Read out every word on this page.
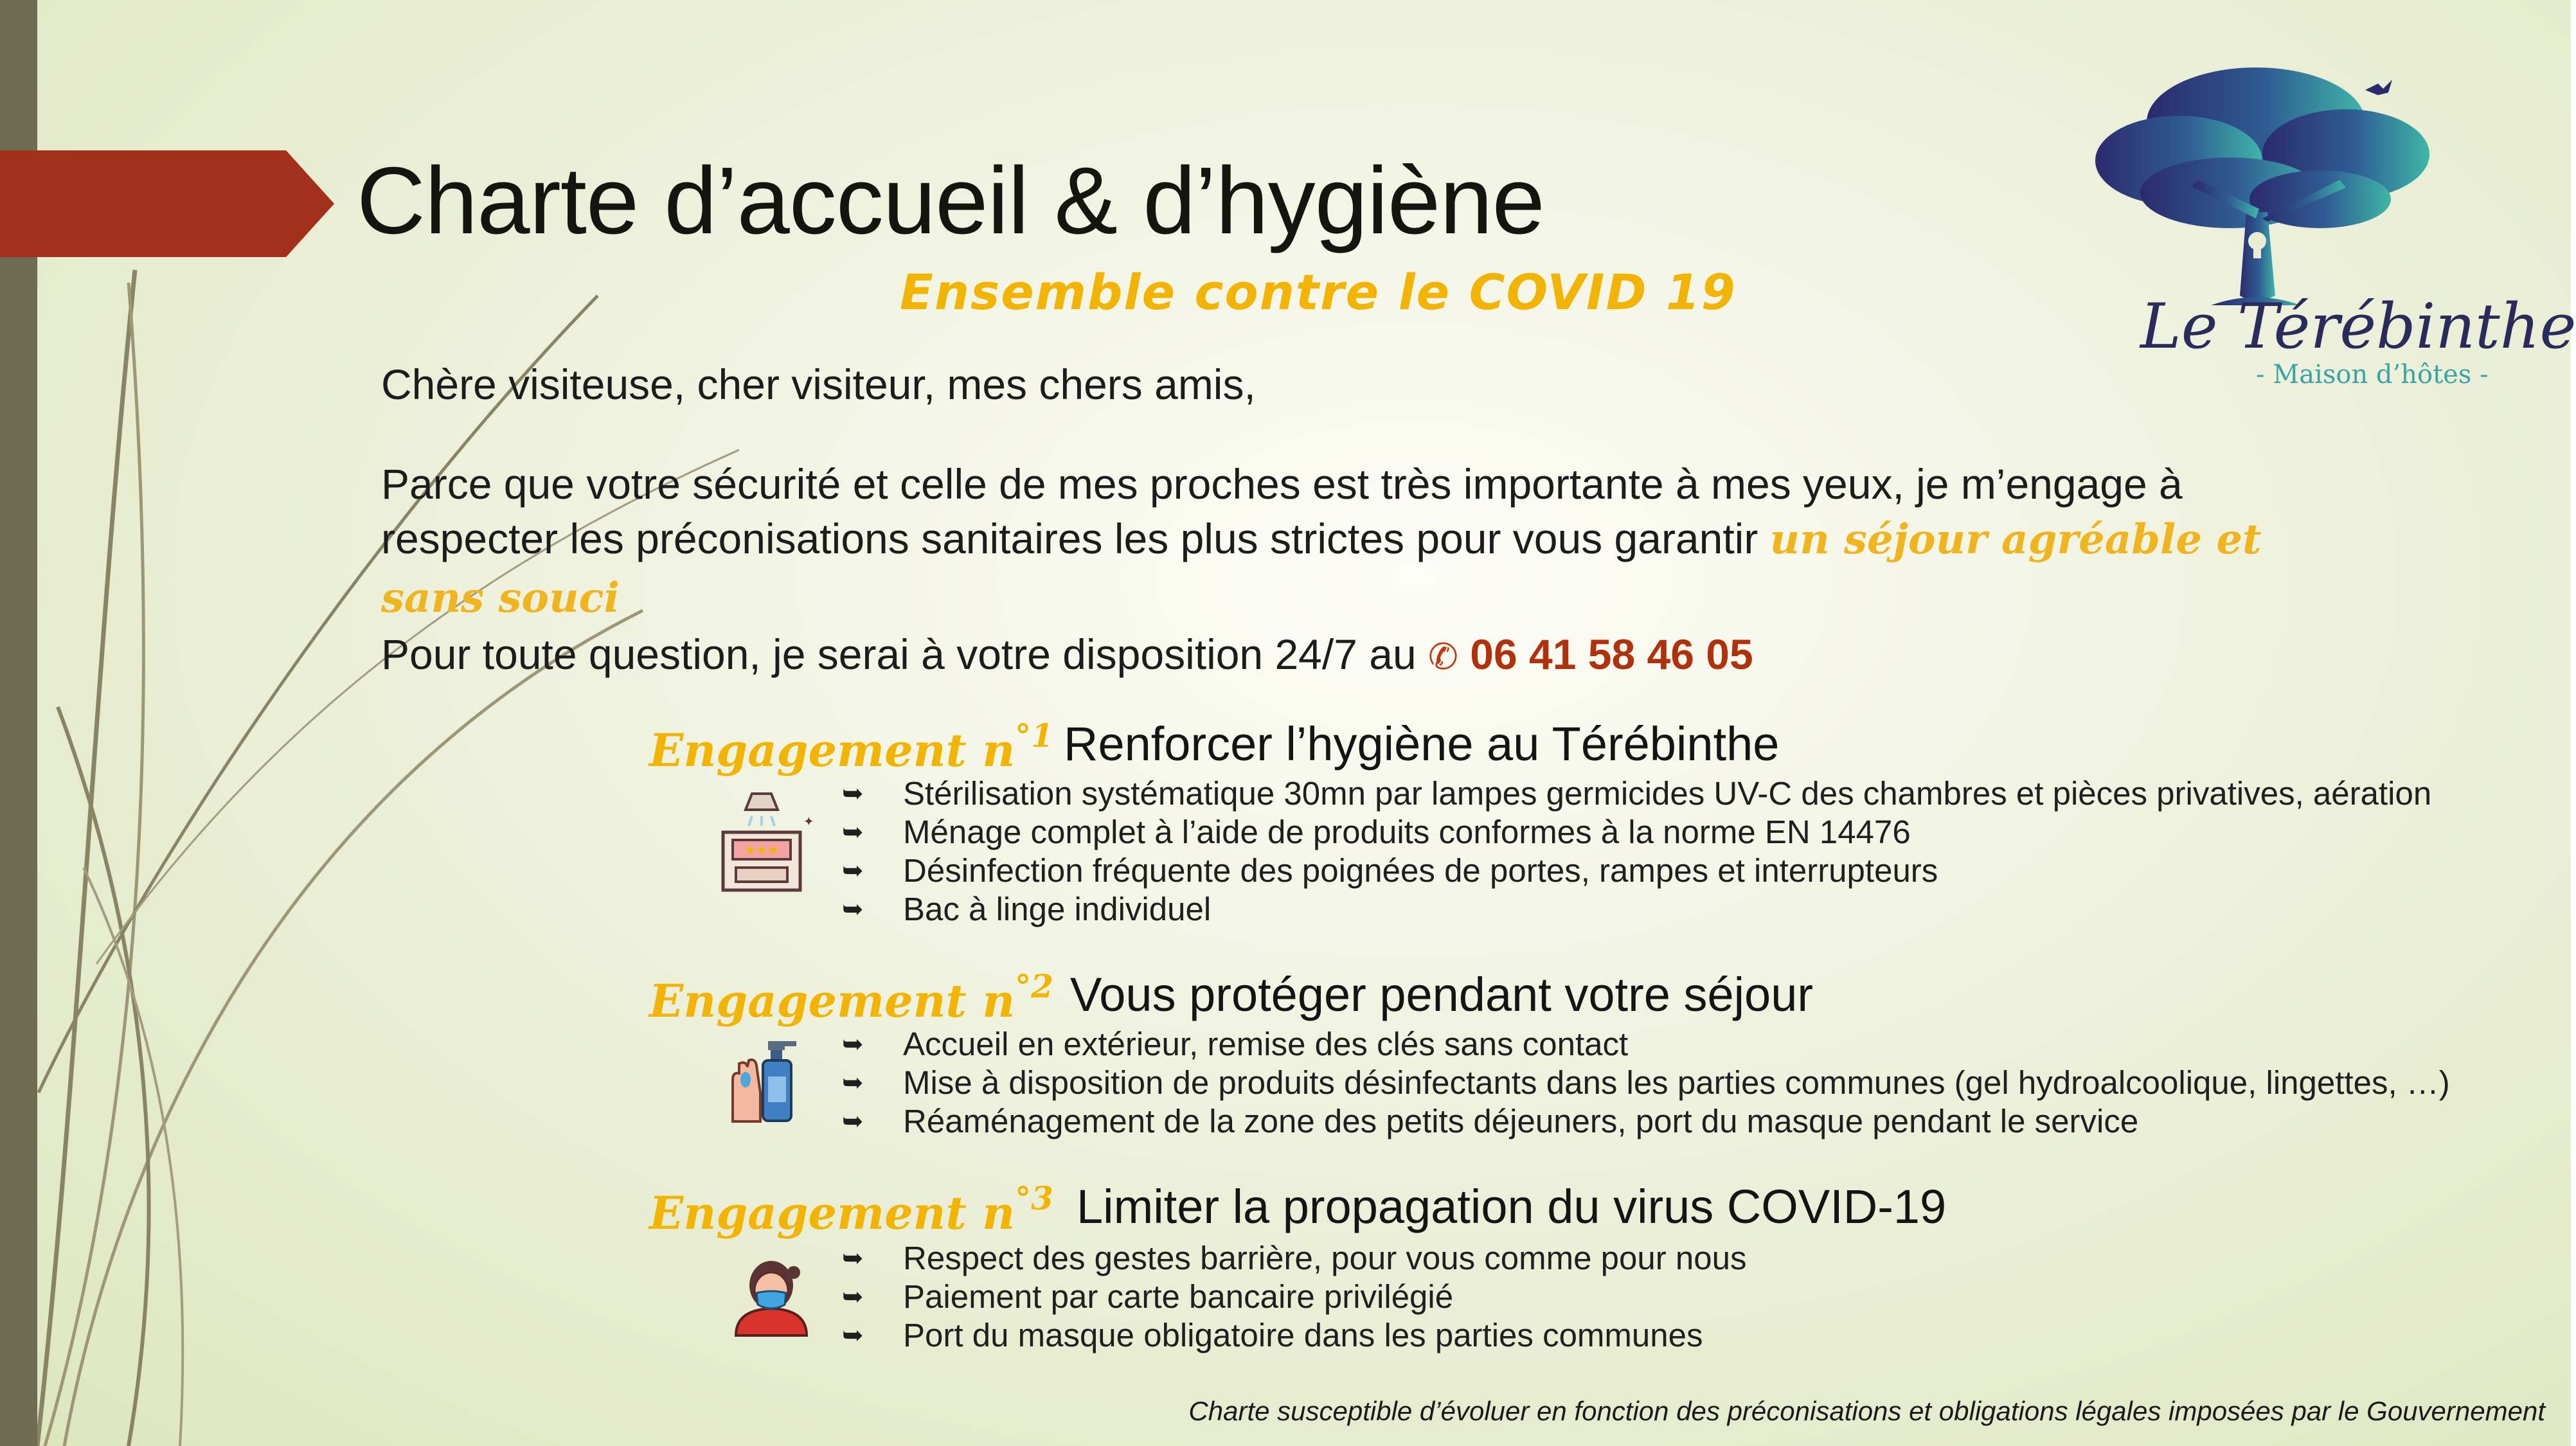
Charte d’accueil & d’hygiène
Ensemble contre le COVID 19	Le Térébinthe
- Maison d’hôtes -
Chère visiteuse, cher visiteur, mes chers amis,
Parce que votre sécurité et celle de mes proches est très importante à mes yeux, je m’engage à
respecter les préconisations sanitaires les plus strictes pour vous garantir un séjour agréable et
sans souci
Pour toute question, je serai à votre disposition 24/7 au ✆ 06 41 58 46 05
Engagement $n^{^\circ 1}$ Renforcer l’hygiène au Térébinthe
★★★
✦
➥ Stérilisation systématique 30mn par lampes germicides UV-C des chambres et pièces privatives, aération
➥ Ménage complet à l’aide de produits conformes à la norme EN 14476
➥ Désinfection fréquente des poignées de portes, rampes et interrupteurs
➥ Bac à linge individuel
Engagement $n^{^\circ 2}$ Vous protéger pendant votre séjour
➥ Accueil en extérieur, remise des clés sans contact
➥ Mise à disposition de produits désinfectants dans les parties communes (gel hydroalcoolique, lingettes, …)
➥ Réaménagement de la zone des petits déjeuners, port du masque pendant le service
Engagement $n^{^\circ 3}$ Limiter la propagation du virus COVID-19
➥ Respect des gestes barrière, pour vous comme pour nous
➥ Paiement par carte bancaire privilégié
➥ Port du masque obligatoire dans les parties communes
Charte susceptible d’évoluer en fonction des préconisations et obligations légales imposées par le Gouvernement
